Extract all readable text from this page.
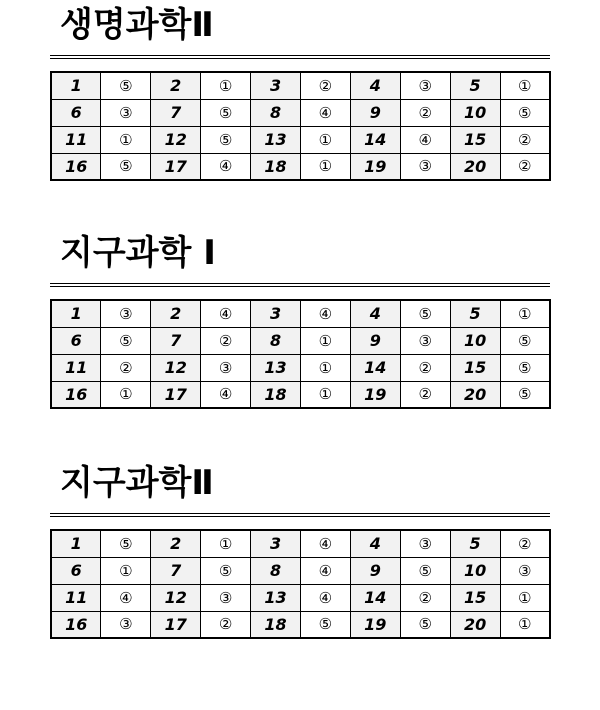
생명과학Ⅱ
1	⑤	2	①	3	②	4	③	5	①
6	③	7	⑤	8	④	9	②	10	⑤
11	①	12	⑤	13	①	14	④	15	②
16	⑤	17	④	18	①	19	③	20	②
지구과학 I
1	③	2	④	3	④	4	⑤	5	①
6	⑤	7	②	8	①	9	③	10	⑤
11	②	12	③	13	①	14	②	15	⑤
16	①	17	④	18	①	19	②	20	⑤
지구과학Ⅱ
1	⑤	2	①	3	④	4	③	5	②
6	①	7	⑤	8	④	9	⑤	10	③
11	④	12	③	13	④	14	②	15	①
16	③	17	②	18	⑤	19	⑤	20	①
